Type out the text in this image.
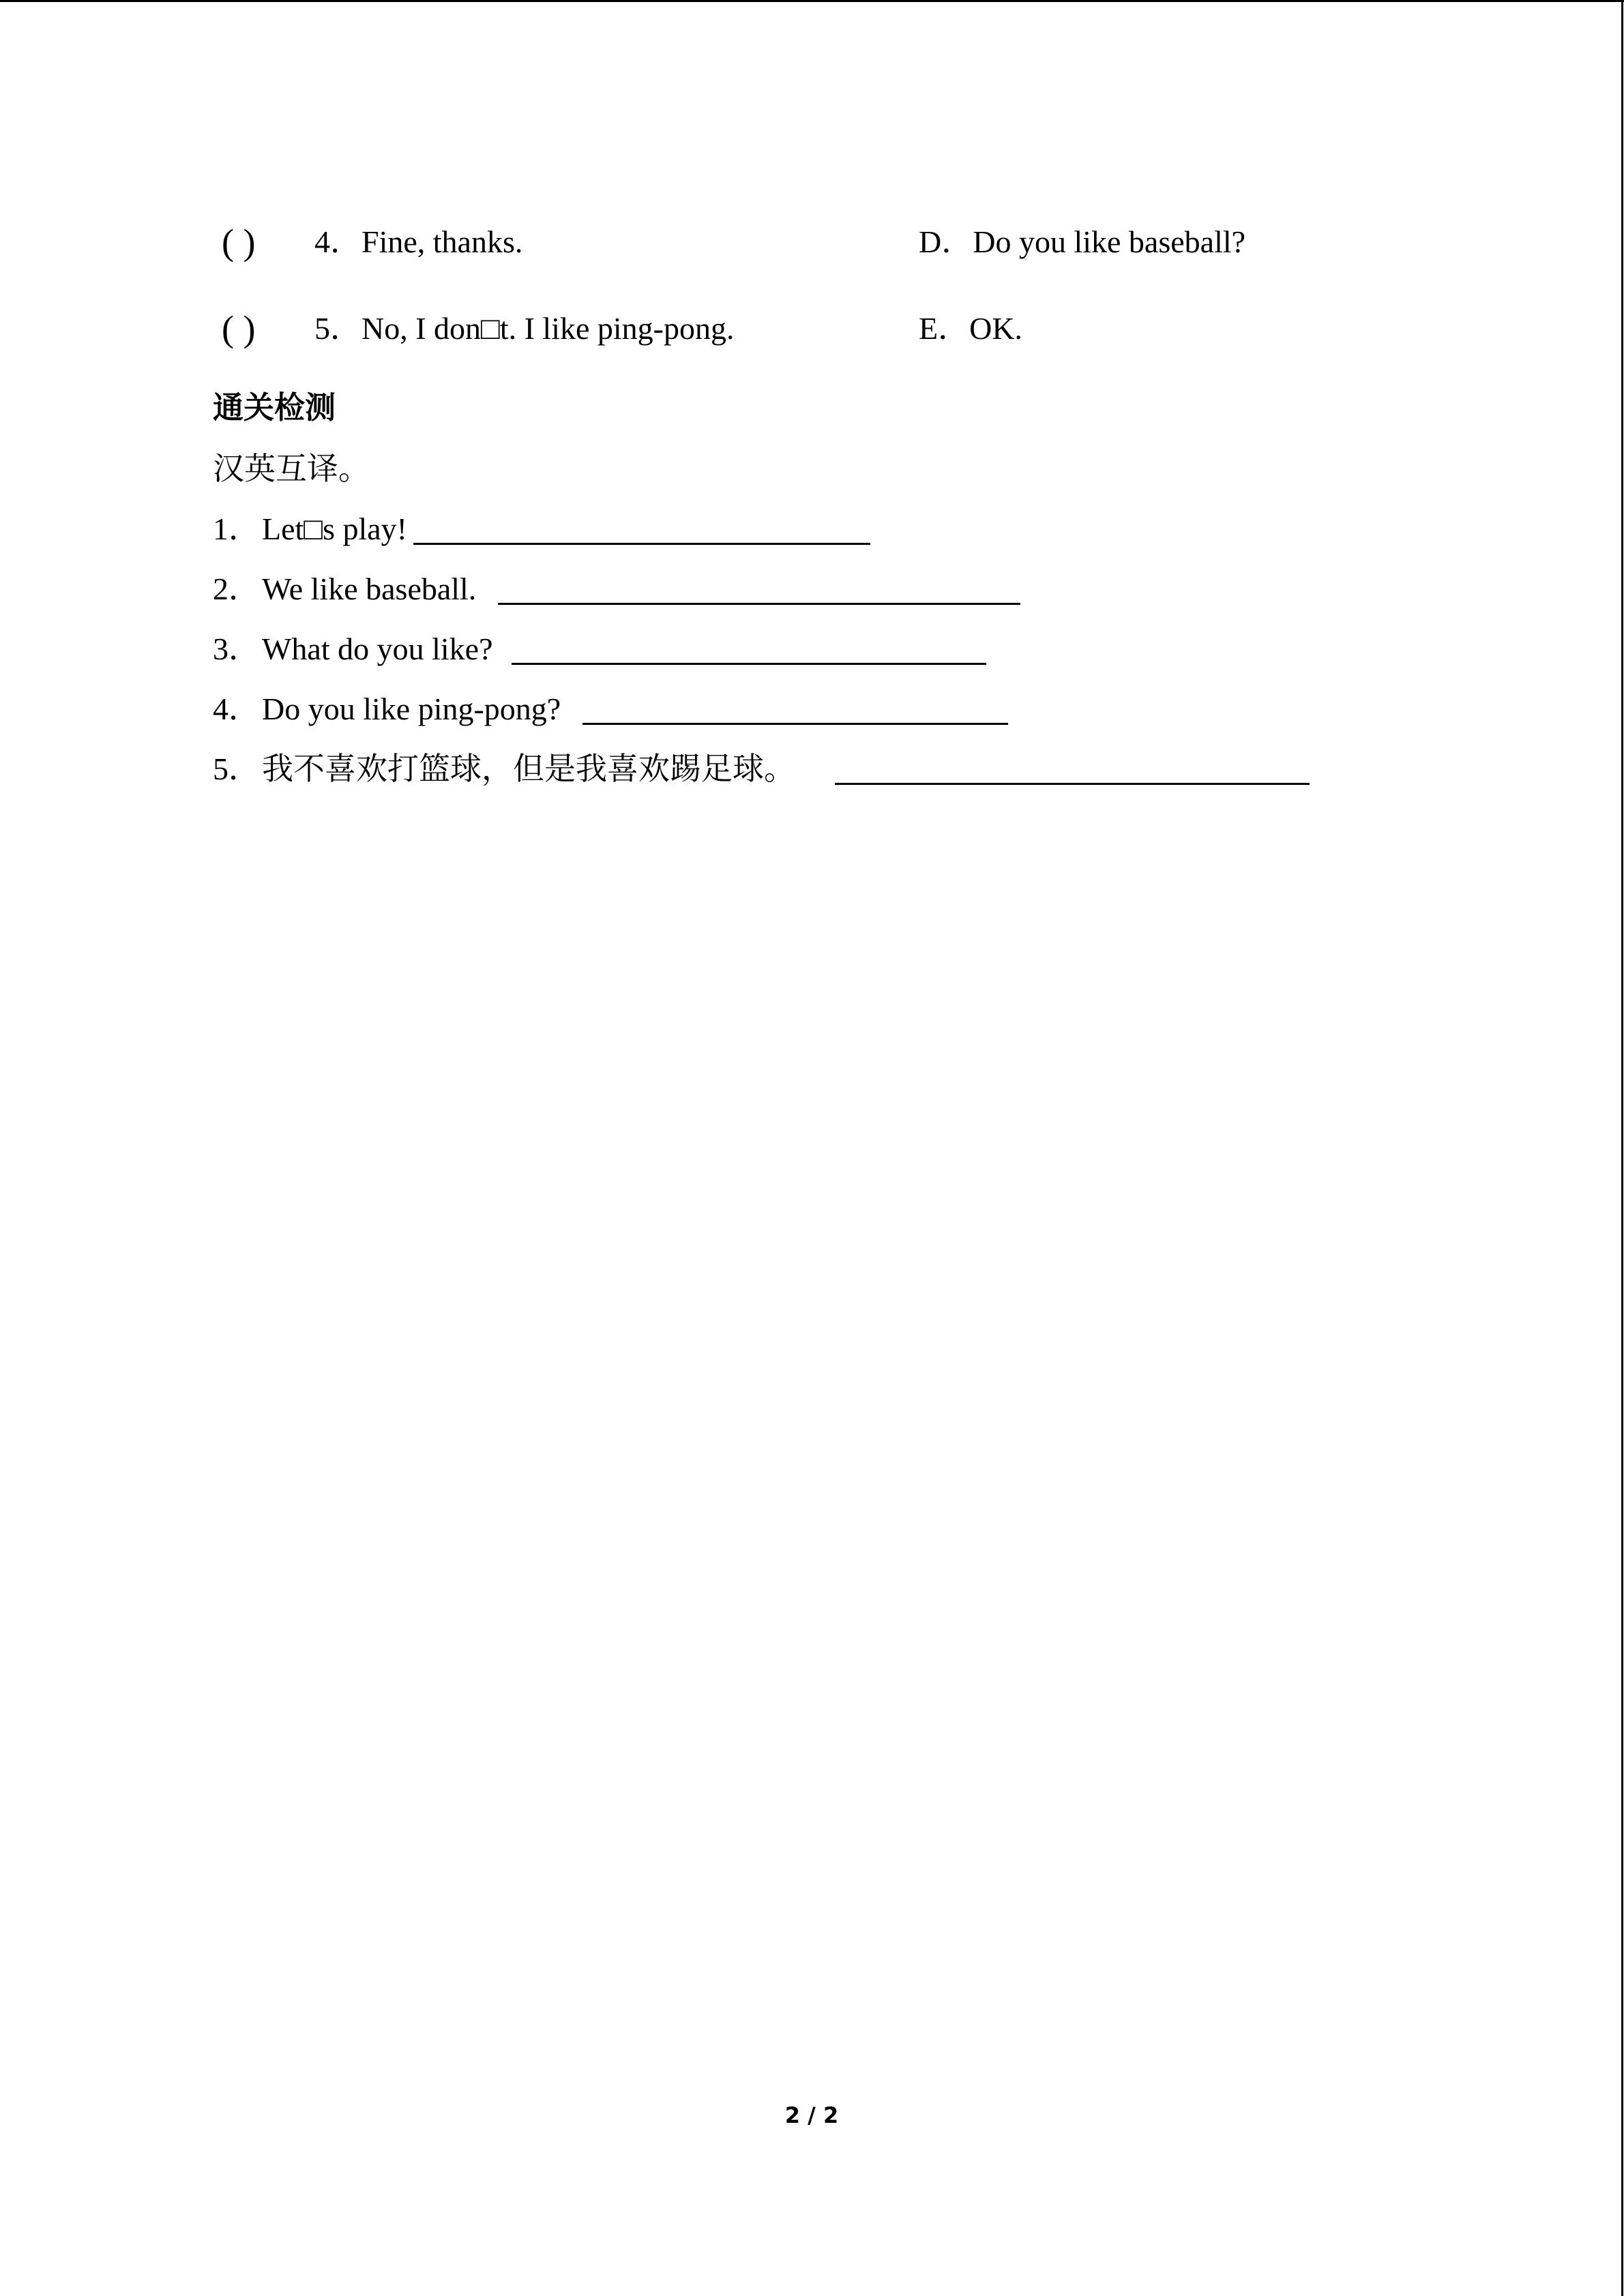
( ) 4．Fine, thanks.	D．Do you like baseball?
( ) 5．No, I don□t. I like ping-pong.	E．OK.
通关检测
汉英互译。
1．Let□s play!
2．We like baseball.
3．What do you like?
4．Do you like ping-pong?
5．我不喜欢打篮球，但是我喜欢踢足球。
2 / 2
